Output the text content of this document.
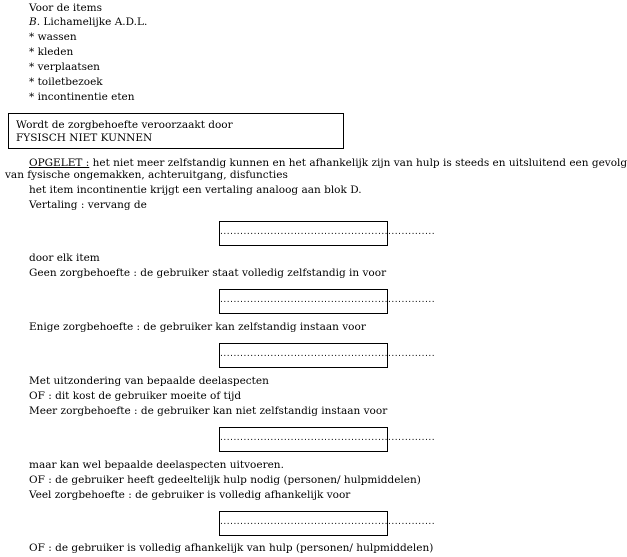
Voor de items
B. Lichamelijke A.D.L.
* wassen
* kleden
* verplaatsen
* toiletbezoek
* incontinentie eten
Wordt de zorgbehoefte veroorzaakt door
FYSISCH NIET KUNNEN
OPGELET : het niet meer zelfstandig kunnen en het afhankelijk zijn van hulp is steeds en uitsluitend een gevolg
van fysische ongemakken, achteruitgang, disfuncties
het item incontinentie krijgt een vertaling analoog aan blok D.
Vertaling : vervang de
................................................................
door elk item
Geen zorgbehoefte : de gebruiker staat volledig zelfstandig in voor
................................................................
Enige zorgbehoefte : de gebruiker kan zelfstandig instaan voor
................................................................
Met uitzondering van bepaalde deelaspecten
OF : dit kost de gebruiker moeite of tijd
Meer zorgbehoefte : de gebruiker kan niet zelfstandig instaan voor
................................................................
maar kan wel bepaalde deelaspecten uitvoeren.
OF : de gebruiker heeft gedeeltelijk hulp nodig (personen/ hulpmiddelen)
Veel zorgbehoefte : de gebruiker is volledig afhankelijk voor
................................................................
OF : de gebruiker is volledig afhankelijk van hulp (personen/ hulpmiddelen)
